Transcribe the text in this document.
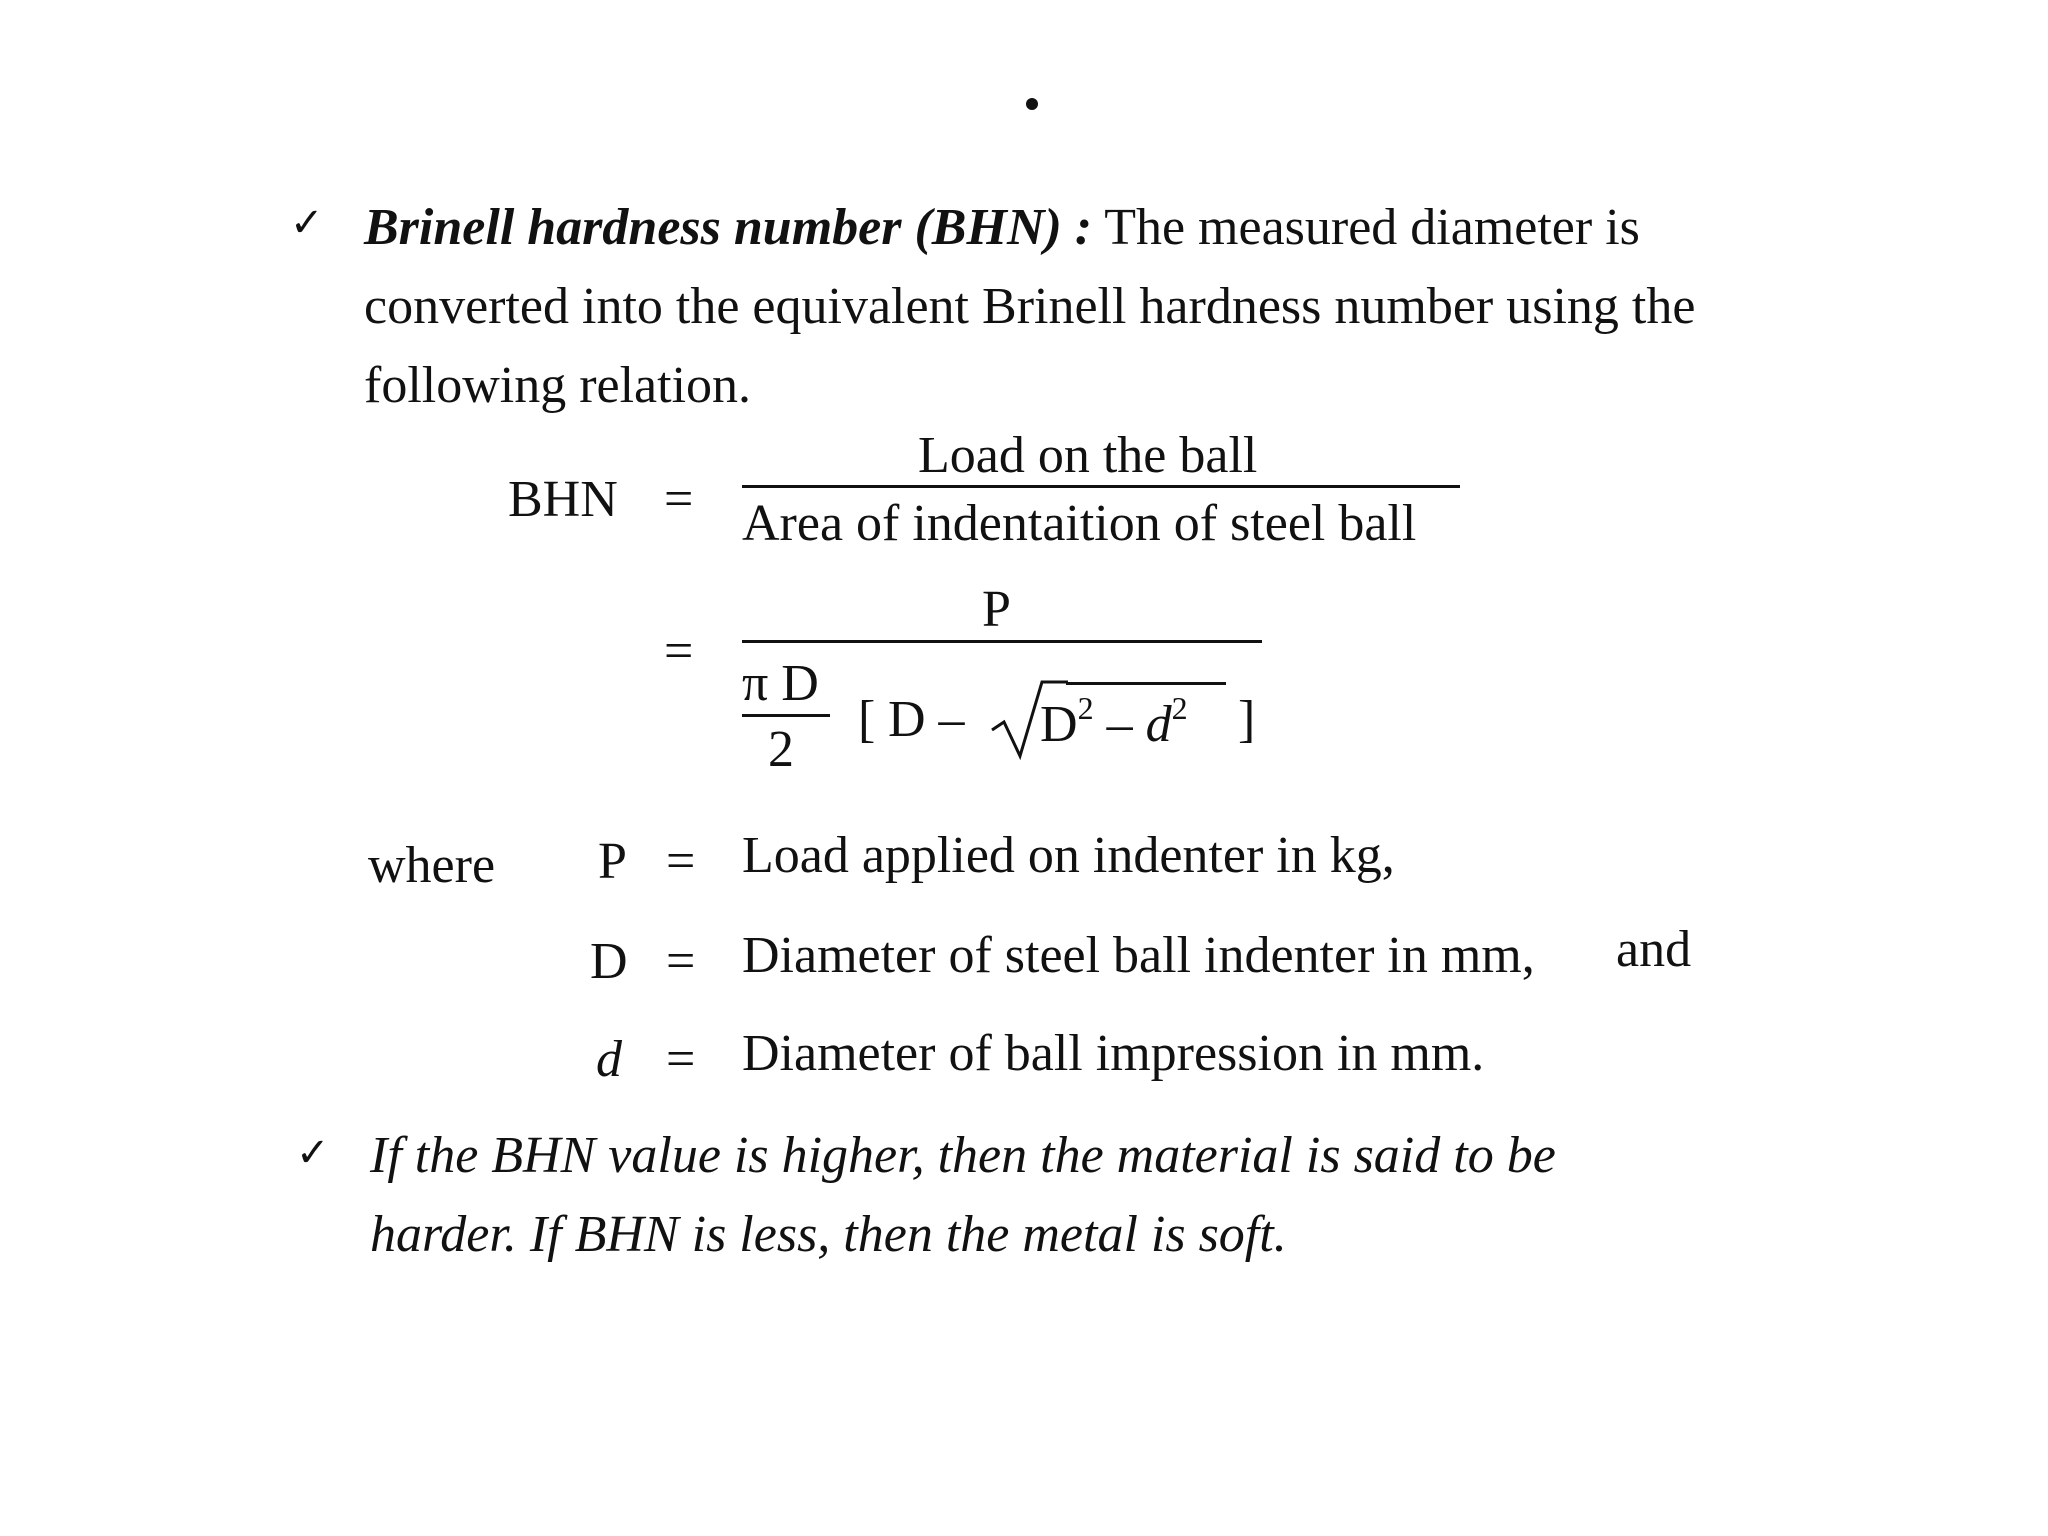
✓ Brinell hardness number (BHN) : The measured diameter is
converted into the equivalent Brinell hardness number using the
following relation.
BHN =
Load on the ball
Area of indentaition of steel ball
=
P
π D
2
[ D – $D^2 - d^2$ ]
where P = Load applied on indenter in kg,
D = Diameter of steel ball indenter in mm, and
d = Diameter of ball impression in mm.
✓ If the BHN value is higher, then the material is said to be
harder. If BHN is less, then the metal is soft.
